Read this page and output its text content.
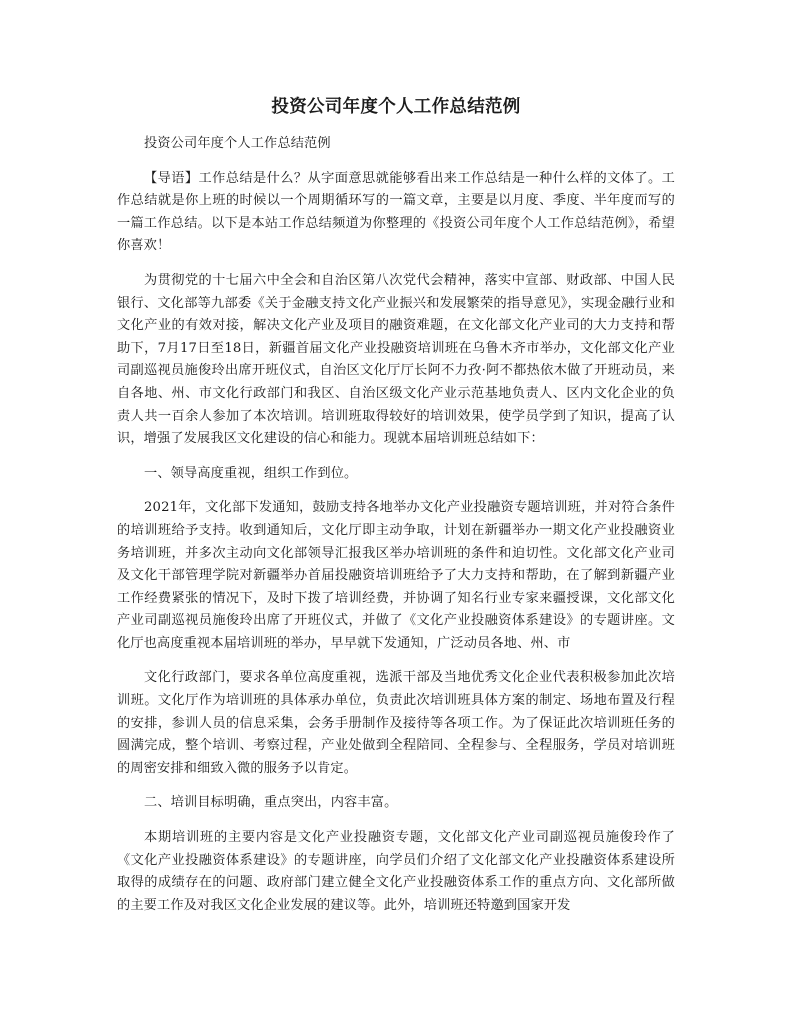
投资公司年度个人工作总结范例

投资公司年度个人工作总结范例

【导语】工作总结是什么？从字面意思就能够看出来工作总结是一种什么样的文体了。工作总结就是你上班的时候以一个周期循环写的一篇文章，主要是以月度、季度、半年度而写的一篇工作总结。以下是本站工作总结频道为你整理的《投资公司年度个人工作总结范例》，希望你喜欢！

为贯彻党的十七届六中全会和自治区第八次党代会精神，落实中宣部、财政部、中国人民银行、文化部等九部委《关于金融支持文化产业振兴和发展繁荣的指导意见》，实现金融行业和文化产业的有效对接，解决文化产业及项目的融资难题，在文化部文化产业司的大力支持和帮助下，7月17日至18日，新疆首届文化产业投融资培训班在乌鲁木齐市举办，文化部文化产业司副巡视员施俊玲出席开班仪式，自治区文化厅厅长阿不力孜·阿不都热依木做了开班动员，来自各地、州、市文化行政部门和我区、自治区级文化产业示范基地负责人、区内文化企业的负责人共一百余人参加了本次培训。培训班取得较好的培训效果，使学员学到了知识，提高了认识，增强了发展我区文化建设的信心和能力。现就本届培训班总结如下：

一、领导高度重视，组织工作到位。

2021年，文化部下发通知，鼓励支持各地举办文化产业投融资专题培训班，并对符合条件的培训班给予支持。收到通知后，文化厅即主动争取，计划在新疆举办一期文化产业投融资业务培训班，并多次主动向文化部领导汇报我区举办培训班的条件和迫切性。文化部文化产业司及文化干部管理学院对新疆举办首届投融资培训班给予了大力支持和帮助，在了解到新疆产业工作经费紧张的情况下，及时下拨了培训经费，并协调了知名行业专家来疆授课，文化部文化产业司副巡视员施俊玲出席了开班仪式，并做了《文化产业投融资体系建设》的专题讲座。文化厅也高度重视本届培训班的举办，早早就下发通知，广泛动员各地、州、市

文化行政部门，要求各单位高度重视，选派干部及当地优秀文化企业代表积极参加此次培训班。文化厅作为培训班的具体承办单位，负责此次培训班具体方案的制定、场地布置及行程的安排，参训人员的信息采集，会务手册制作及接待等各项工作。为了保证此次培训班任务的圆满完成，整个培训、考察过程，产业处做到全程陪同、全程参与、全程服务，学员对培训班的周密安排和细致入微的服务予以肯定。

二、培训目标明确，重点突出，内容丰富。

本期培训班的主要内容是文化产业投融资专题，文化部文化产业司副巡视员施俊玲作了《文化产业投融资体系建设》的专题讲座，向学员们介绍了文化部文化产业投融资体系建设所取得的成绩存在的问题、政府部门建立健全文化产业投融资体系工作的重点方向、文化部所做的主要工作及对我区文化企业发展的建议等。此外，培训班还特邀到国家开发
